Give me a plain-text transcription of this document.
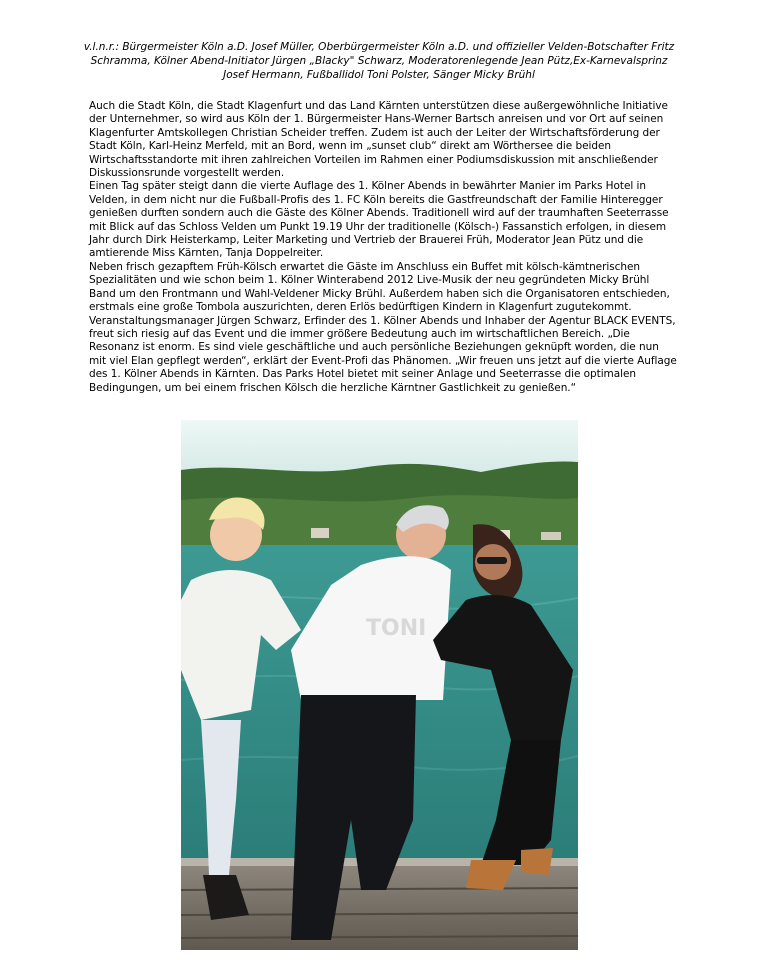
v.l.n.r.: Bürgermeister Köln a.D. Josef Müller, Oberbürgermeister Köln a.D. und offizieller Velden-Botschafter Fritz Schramma, Kölner Abend-Initiator Jürgen „Blacky" Schwarz, Moderatorenlegende Jean Pütz,Ex-Karnevalsprinz Josef Hermann, Fußballidol Toni Polster, Sänger Micky Brühl

Auch die Stadt Köln, die Stadt Klagenfurt und das Land Kärnten unterstützen diese außergewöhnliche Initiative der Unternehmer, so wird aus Köln der 1. Bürgermeister Hans-Werner Bartsch anreisen und vor Ort auf seinen Klagenfurter Amtskollegen Christian Scheider treffen. Zudem ist auch der Leiter der Wirtschaftsförderung der Stadt Köln, Karl-Heinz Merfeld, mit an Bord, wenn im „sunset club“ direkt am Wörthersee die beiden Wirtschaftsstandorte mit ihren zahlreichen Vorteilen im Rahmen einer Podiumsdiskussion mit anschließender Diskussionsrunde vorgestellt werden.

Einen Tag später steigt dann die vierte Auflage des 1. Kölner Abends in bewährter Manier im Parks Hotel in Velden, in dem nicht nur die Fußball-Profis des 1. FC Köln bereits die Gastfreundschaft der Familie Hinteregger genießen durften sondern auch die Gäste des Kölner Abends. Traditionell wird auf der traumhaften Seeterrasse mit Blick auf das Schloss Velden um Punkt 19.19 Uhr der traditionelle (Kölsch-) Fassanstich erfolgen, in diesem Jahr durch Dirk Heisterkamp, Leiter Marketing und Vertrieb der Brauerei Früh, Moderator Jean Pütz und die amtierende Miss Kärnten, Tanja Doppelreiter.

Neben frisch gezapftem Früh-Kölsch erwartet die Gäste im Anschluss ein Buffet mit kölsch-kämtnerischen Spezialitäten und wie schon beim 1. Kölner Winterabend 2012 Live-Musik der neu gegründeten Micky Brühl Band um den Frontmann und Wahl-Veldener Micky Brühl. Außerdem haben sich die Organisatoren entschieden, erstmals eine große Tombola auszurichten, deren Erlös bedürftigen Kindern in Klagenfurt zugutekommt.

Veranstaltungsmanager Jürgen Schwarz, Erfinder des 1. Kölner Abends und Inhaber der Agentur BLACK EVENTS, freut sich riesig auf das Event und die immer größere Bedeutung auch im wirtschaftlichen Bereich. „Die Resonanz ist enorm. Es sind viele geschäftliche und auch persönliche Beziehungen geknüpft worden, die nun mit viel Elan gepflegt werden“, erklärt der Event-Profi das Phänomen. „Wir freuen uns jetzt auf die vierte Auflage des 1. Kölner Abends in Kärnten. Das Parks Hotel bietet mit seiner Anlage und Seeterrasse die optimalen Bedingungen, um bei einem frischen Kölsch die herzliche Kärntner Gastlichkeit zu genießen.“

TONI
